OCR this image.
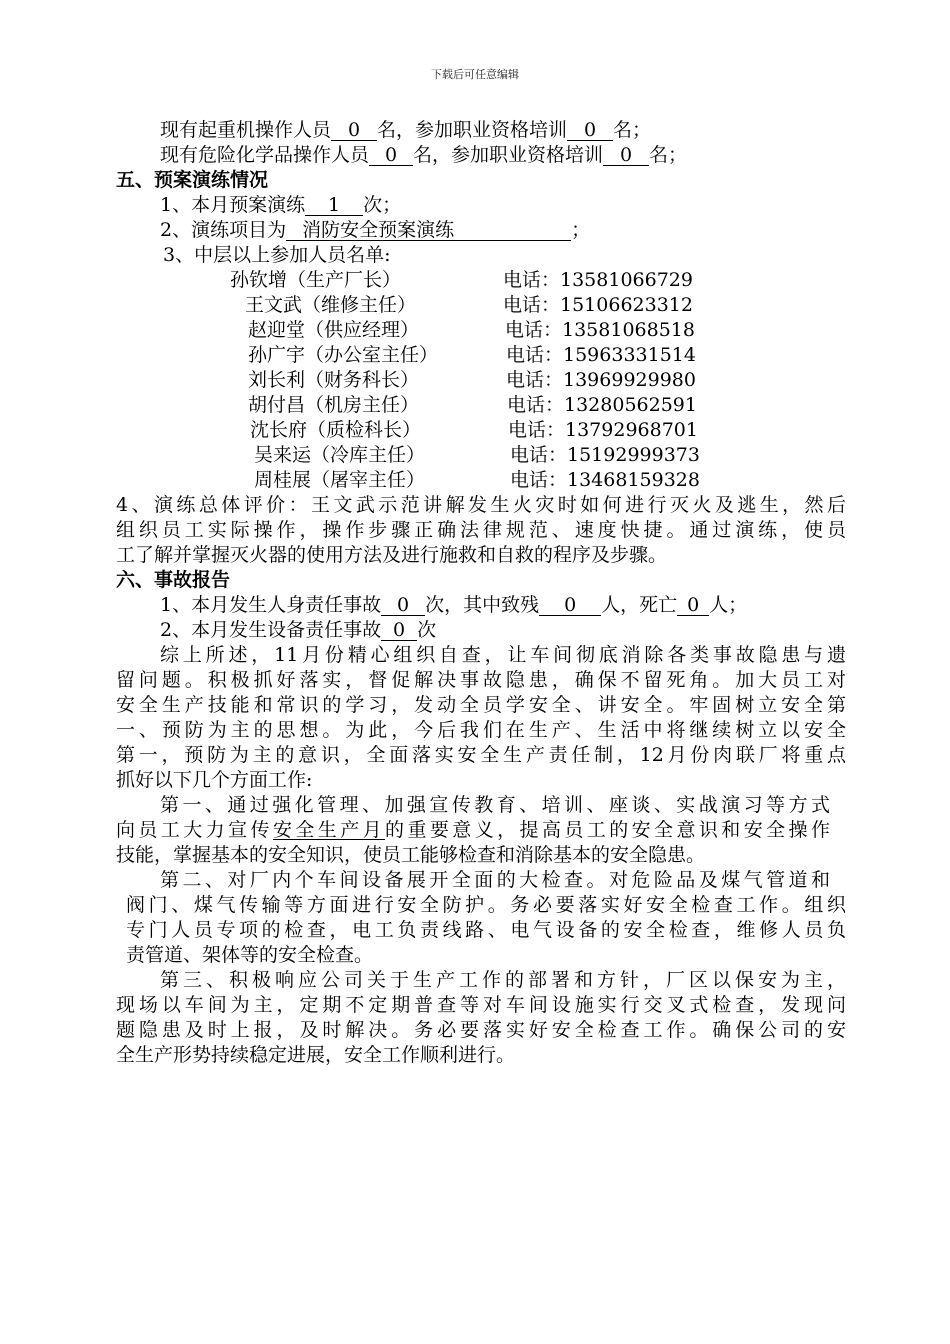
下载后可任意编辑
现有起重机操作人员 0 名，参加职业资格培训 0 名；
现有危险化学品操作人员 0 名，参加职业资格培训 0 名；
五、预案演练情况
1、本月预案演练 1 次；
2、演练项目为 消防安全预案演练	；
3、中层以上参加人员名单:
孙钦增（生产厂长）	电话：13581066729
王文武（维修主任）	电话：15106623312
赵迎堂（供应经理）	电话：13581068518
孙广宇（办公室主任）	电话：15963331514
刘长利（财务科长）	电话：13969929980
胡付昌（机房主任）	电话：13280562591
沈长府（质检科长）	电话：13792968701
吴来运（冷库主任）	电话：15192999373
周桂展（屠宰主任）	电话：13468159328
4、演练总体评价：王文武示范讲解发生火灾时如何进行灭火及逃生，然后
组织员工实际操作，操作步骤正确法律规范、速度快捷。通过演练，使员
工了解并掌握灭火器的使用方法及进行施救和自救的程序及步骤。
六、事故报告
1、本月发生人身责任事故 0 次，其中致残 0 人，死亡 0 人；
2、本月发生设备责任事故 0 次
综上所述，11月份精心组织自查，让车间彻底消除各类事故隐患与遗
留问题。积极抓好落实，督促解决事故隐患，确保不留死角。加大员工对
安全生产技能和常识的学习，发动全员学安全、讲安全。牢固树立安全第
一、预防为主的思想。为此，今后我们在生产、生活中将继续树立以安全
第一，预防为主的意识，全面落实安全生产责任制，12月份肉联厂将重点
抓好以下几个方面工作:
第一、通过强化管理、加强宣传教育、培训、座谈、实战演习等方式
向员工大力宣传安全生产月的重要意义，提高员工的安全意识和安全操作
技能，掌握基本的安全知识，使员工能够检查和消除基本的安全隐患。
第二、对厂内个车间设备展开全面的大检查。对危险品及煤气管道和
阀门、煤气传输等方面进行安全防护。务必要落实好安全检查工作。组织
专门人员专项的检查，电工负责线路、电气设备的安全检查，维修人员负
责管道、架体等的安全检查。
第三、积极响应公司关于生产工作的部署和方针，厂区以保安为主，
现场以车间为主，定期不定期普查等对车间设施实行交叉式检查，发现问
题隐患及时上报，及时解决。务必要落实好安全检查工作。确保公司的安
全生产形势持续稳定进展，安全工作顺利进行。
